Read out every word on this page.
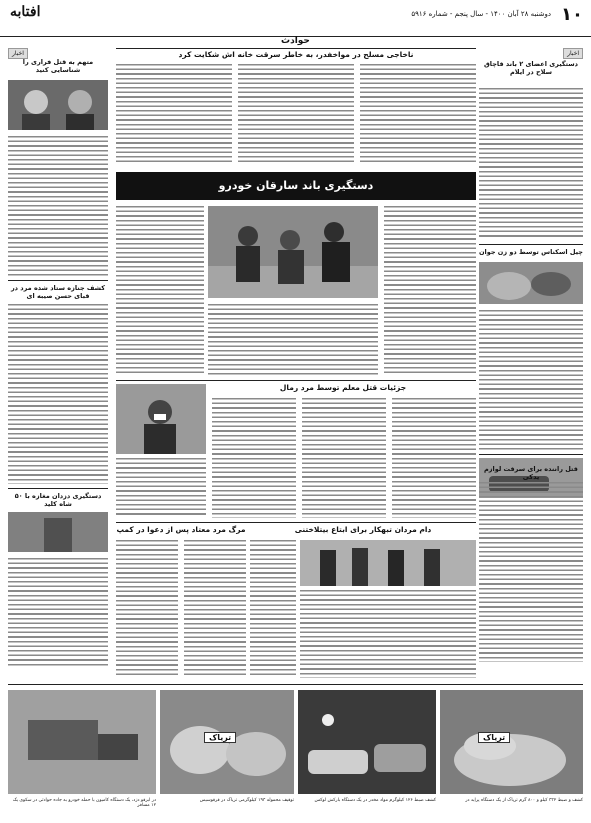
۱۰
دوشنبه ۲۸ آبان ۱۴۰۰ - سال پنجم - شماره ۵۹۱۶
افتابه
حوادث
اخبار
دستگیری اعضای ۲ باند قاچاق سلاح در ایلام
چیل اسکناس توسط دو زن جوان
قتل راننده برای سرقت لوازم یدکی
اخبار
متهم به قتل فراری را شناسایی کنید
کشف جنازه ستاد شده مرد در قبای حسن صیبه ای
دستگیری دزدان مغازه با ۵۰ شاه کلید
ناخاجی مسلح در مواخفدر، به خاطر سرقت خانه اش شکایت کرد
دستگیری باند سارقان خودرو
جزئیات قتل معلم توسط مرد رمال
دام مردان تبهکار برای ابتاع بیتلاختنی
مرگ مرد معتاد پس از دعوا در کمپ
تریاک
کشف و ضبط ۳۳۲ کیلو و ۸۰۰ گرم تریاک از یک دستگاه پراید در
کشف ضبط ۱۲۶ کیلوگرم مواد مخدر در یک دستگاه بارکش لوکس
تریاک
توقیف محموله ۱۹۳ کیلوگرمی تریاک در قرقوسیس
در ابرقو دزد، یک دستگاه کامیون با حمله خودرو به جاده حوادثی در سکوی یک ۱۲ مسافر
